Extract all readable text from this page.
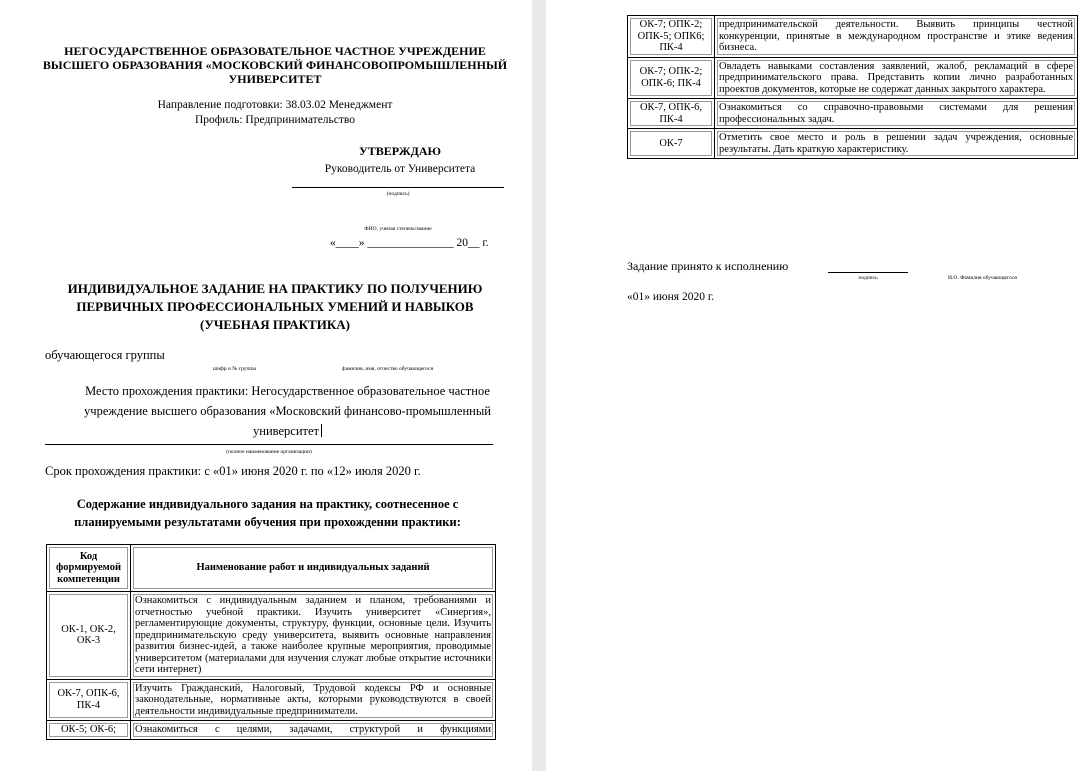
НЕГОСУДАРСТВЕННОЕ ОБРАЗОВАТЕЛЬНОЕ ЧАСТНОЕ УЧРЕЖДЕНИЕ
ВЫСШЕГО ОБРАЗОВАНИЯ «МОСКОВСКИЙ ФИНАНСОВОПРОМЫШЛЕННЫЙ
УНИВЕРСИТЕТ
Направление подготовки: 38.03.02 Менеджмент
Профиль: Предпринимательство
УТВЕРЖДАЮ
Руководитель от Университета
(подпись)
ФИО, ученая степень/звание
«____» _______________ 20__ г.
ИНДИВИДУАЛЬНОЕ ЗАДАНИЕ НА ПРАКТИКУ ПО ПОЛУЧЕНИЮ
ПЕРВИЧНЫХ ПРОФЕССИОНАЛЬНЫХ УМЕНИЙ И НАВЫКОВ
(УЧЕБНАЯ ПРАКТИКА)
обучающегося группы
шифр и № группы	фамилия, имя, отчество обучающегося
Место прохождения практики: Негосударственное образовательное частное
учреждение высшего образования «Московский финансово-промышленный
университет
(полное наименование организации)
Срок прохождения практики: с «01» июня 2020 г. по «12» июля 2020 г.
Содержание индивидуального задания на практику, соотнесенное с
планируемыми результатами обучения при прохождении практики:
Код формируемой компетенции	Наименование работ и индивидуальных заданий
ОК-1, ОК-2, ОК-3	Ознакомиться с индивидуальным заданием и планом, требованиями и отчетностью учебной практики. Изучить университет «Синергия», регламентирующие документы, структуру, функции, основные цели. Изучить предпринимательскую среду университета, выявить основные направления развития бизнес-идей, а также наиболее крупные мероприятия, проводимые университетом (материалами для изучения служат любые открытие источники сети интернет)
ОК-7, ОПК-6, ПК-4	Изучить Гражданский, Налоговый, Трудовой кодексы РФ и основные законодательные, нормативные акты, которыми руководствуются в своей деятельности индивидуальные предприниматели.
ОК-5; ОК-6;	Ознакомиться с целями, задачами, структурой и функциями
ОК-7; ОПК-2; ОПК-5; ОПК6; ПК-4	предпринимательской деятельности. Выявить принципы честной конкуренции, принятые в международном пространстве и этике ведения бизнеса.
ОК-7; ОПК-2; ОПК-6; ПК-4	Овладеть навыками составления заявлений, жалоб, рекламаций в сфере предпринимательского права. Представить копии лично разработанных проектов документов, которые не содержат данных закрытого характера.
ОК-7, ОПК-6, ПК-4	Ознакомиться со справочно-правовыми системами для решения профессиональных задач.
ОК-7	Отметить свое место и роль в решении задач учреждения, основные результаты. Дать краткую характеристику.
Задание принято к исполнению
подпись	И.О. Фамилия обучающегося
«01» июня 2020 г.
